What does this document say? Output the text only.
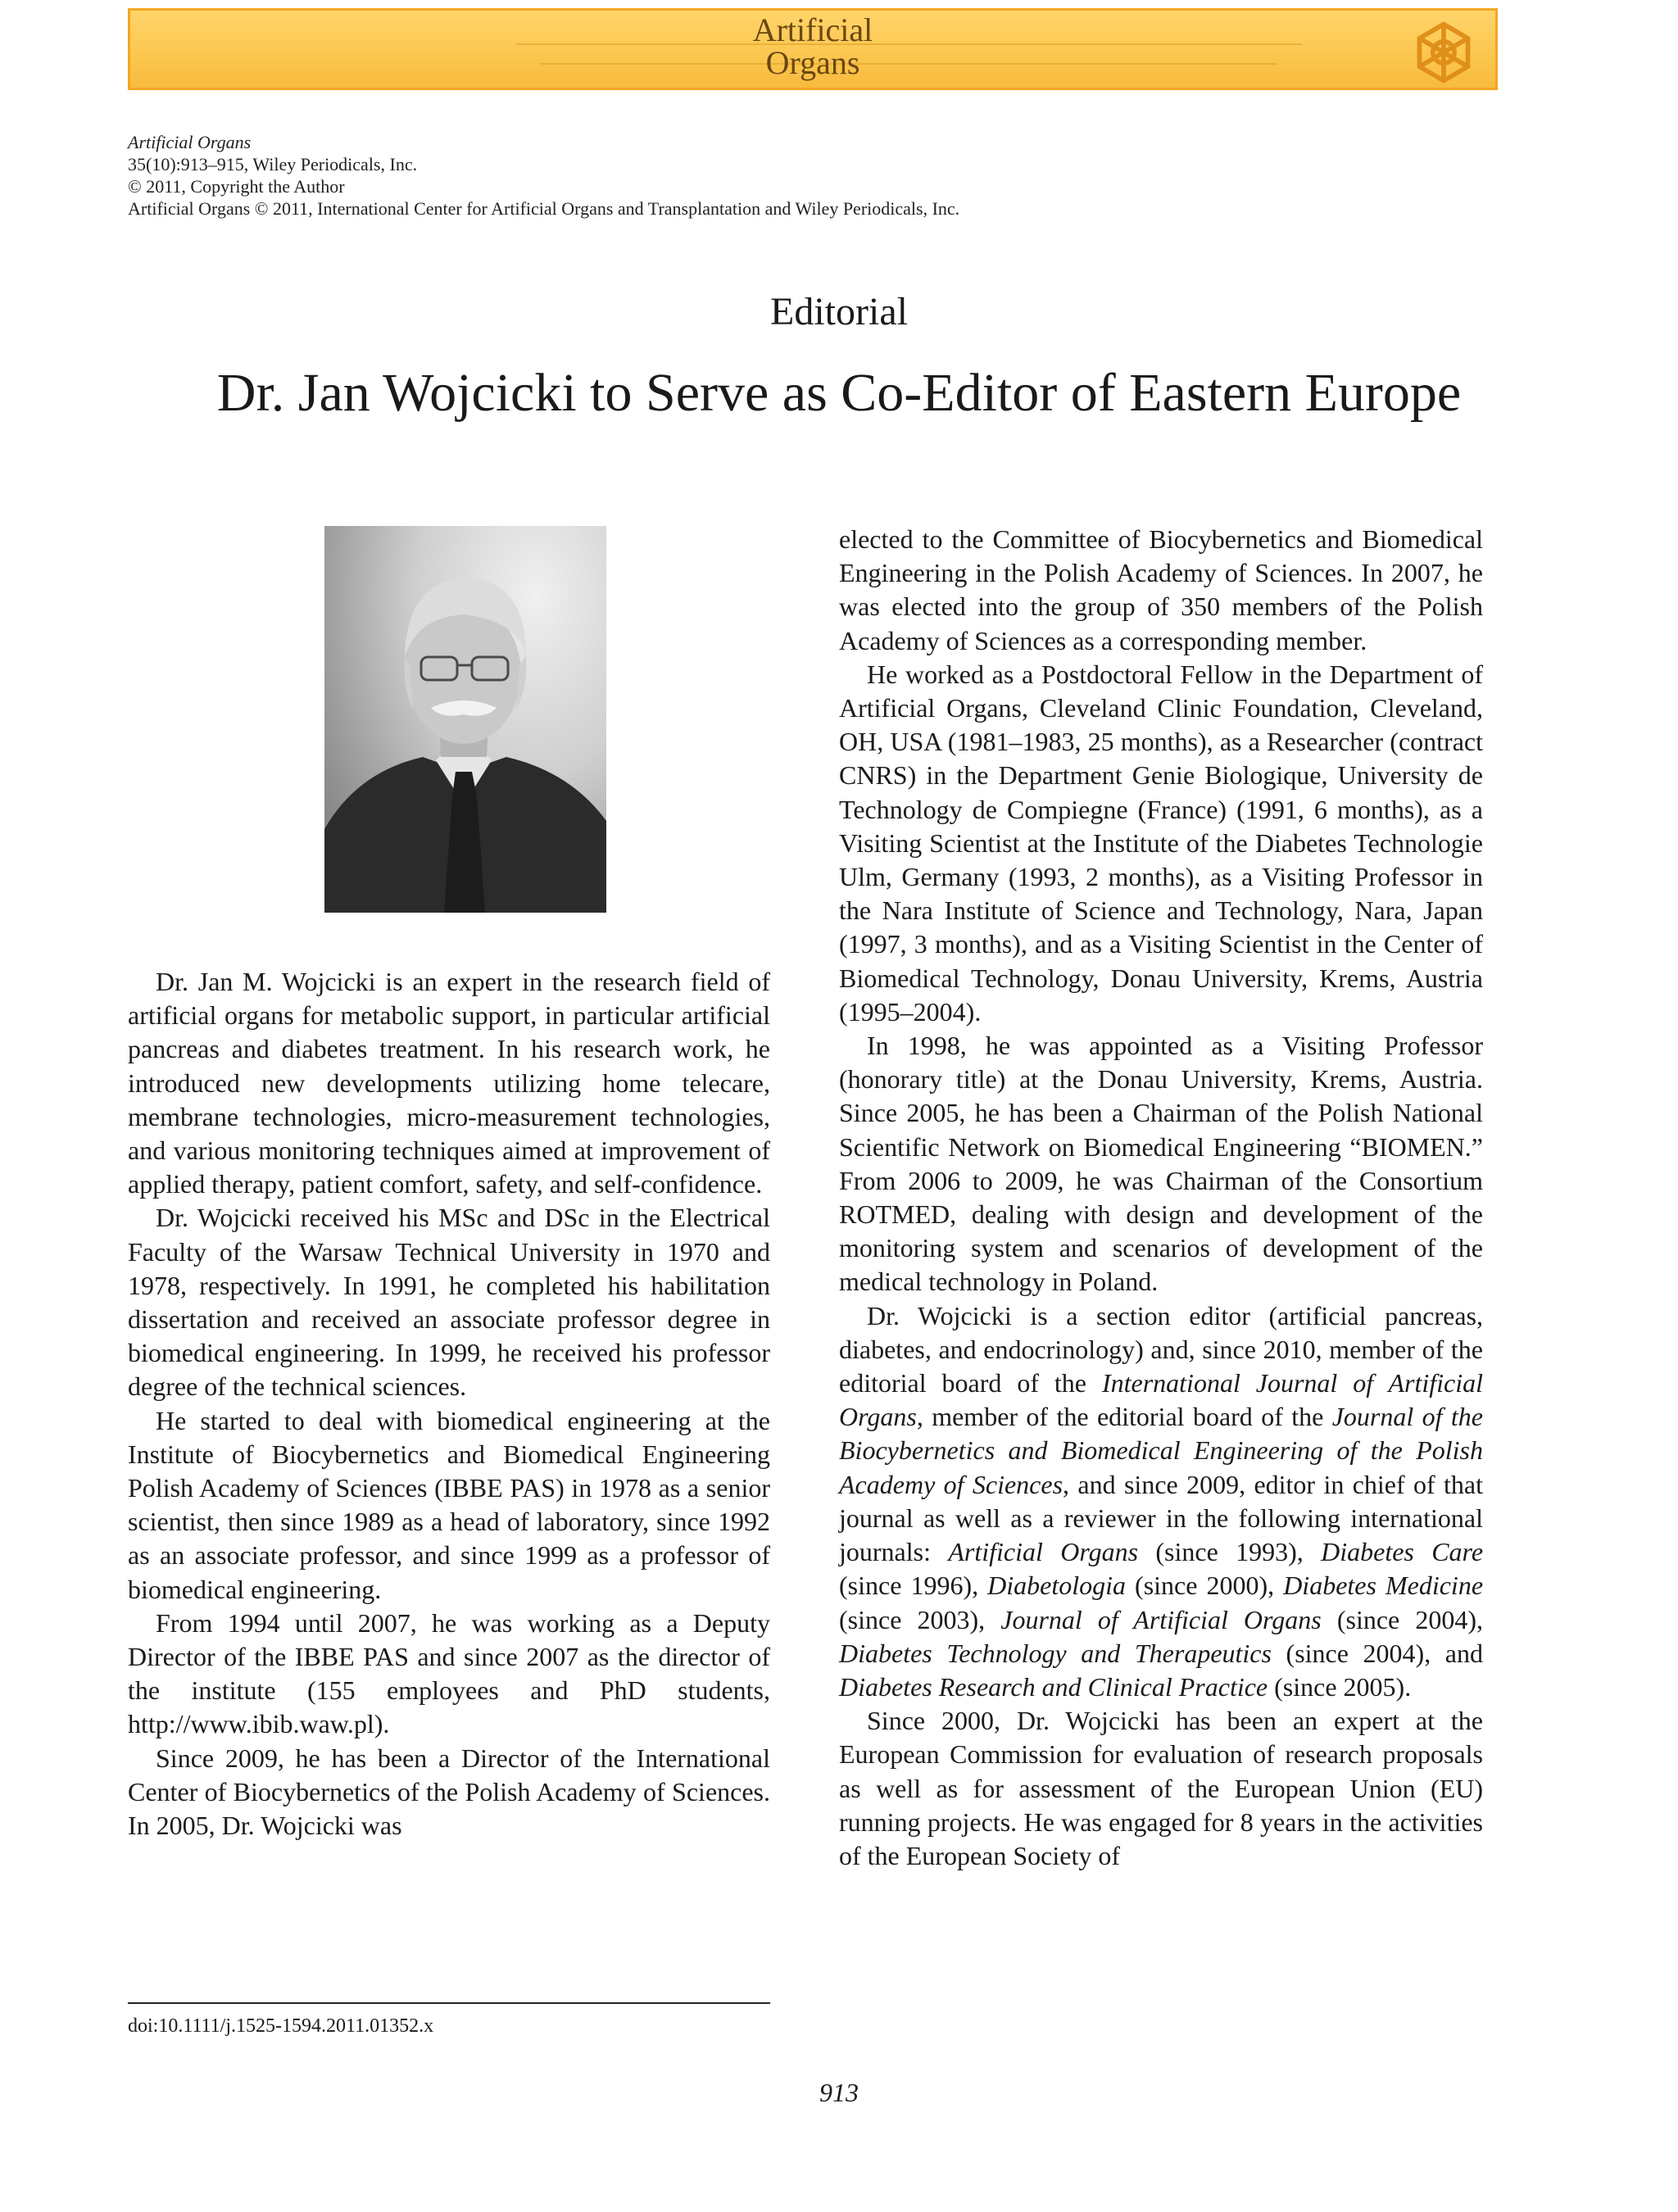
Artificial
Organs
Artificial Organs
35(10):913–915, Wiley Periodicals, Inc.
© 2011, Copyright the Author
Artificial Organs © 2011, International Center for Artificial Organs and Transplantation and Wiley Periodicals, Inc.
Editorial
Dr. Jan Wojcicki to Serve as Co-Editor of Eastern Europe

Dr. Jan M. Wojcicki is an expert in the research field of artificial organs for metabolic support, in particular artificial pancreas and diabetes treatment. In his research work, he introduced new developments utilizing home telecare, membrane technologies, micro-measurement technologies, and various monitoring techniques aimed at improvement of applied therapy, patient comfort, safety, and self-confidence.

Dr. Wojcicki received his MSc and DSc in the Electrical Faculty of the Warsaw Technical University in 1970 and 1978, respectively. In 1991, he completed his habilitation dissertation and received an associate professor degree in biomedical engineering. In 1999, he received his professor degree of the technical sciences.

He started to deal with biomedical engineering at the Institute of Biocybernetics and Biomedical Engineering Polish Academy of Sciences (IBBE PAS) in 1978 as a senior scientist, then since 1989 as a head of laboratory, since 1992 as an associate professor, and since 1999 as a professor of biomedical engineering.

From 1994 until 2007, he was working as a Deputy Director of the IBBE PAS and since 2007 as the director of the institute (155 employees and PhD students, http://www.ibib.waw.pl).

Since 2009, he has been a Director of the International Center of Biocybernetics of the Polish Academy of Sciences. In 2005, Dr. Wojcicki was

elected to the Committee of Biocybernetics and Biomedical Engineering in the Polish Academy of Sciences. In 2007, he was elected into the group of 350 members of the Polish Academy of Sciences as a corresponding member.

He worked as a Postdoctoral Fellow in the Department of Artificial Organs, Cleveland Clinic Foundation, Cleveland, OH, USA (1981–1983, 25 months), as a Researcher (contract CNRS) in the Department Genie Biologique, University de Technology de Compiegne (France) (1991, 6 months), as a Visiting Scientist at the Institute of the Diabetes Technologie Ulm, Germany (1993, 2 months), as a Visiting Professor in the Nara Institute of Science and Technology, Nara, Japan (1997, 3 months), and as a Visiting Scientist in the Center of Biomedical Technology, Donau University, Krems, Austria (1995–2004).

In 1998, he was appointed as a Visiting Professor (honorary title) at the Donau University, Krems, Austria. Since 2005, he has been a Chairman of the Polish National Scientific Network on Biomedical Engineering “BIOMEN.” From 2006 to 2009, he was Chairman of the Consortium ROTMED, dealing with design and development of the monitoring system and scenarios of development of the medical technology in Poland.

Dr. Wojcicki is a section editor (artificial pancreas, diabetes, and endocrinology) and, since 2010, member of the editorial board of the International Journal of Artificial Organs, member of the editorial board of the Journal of the Biocybernetics and Biomedical Engineering of the Polish Academy of Sciences, and since 2009, editor in chief of that journal as well as a reviewer in the following international journals: Artificial Organs (since 1993), Diabetes Care (since 1996), Diabetologia (since 2000), Diabetes Medicine (since 2003), Journal of Artificial Organs (since 2004), Diabetes Technology and Therapeutics (since 2004), and Diabetes Research and Clinical Practice (since 2005).

Since 2000, Dr. Wojcicki has been an expert at the European Commission for evaluation of research proposals as well as for assessment of the European Union (EU) running projects. He was engaged for 8 years in the activities of the European Society of

doi:10.1111/j.1525-1594.2011.01352.x
913
